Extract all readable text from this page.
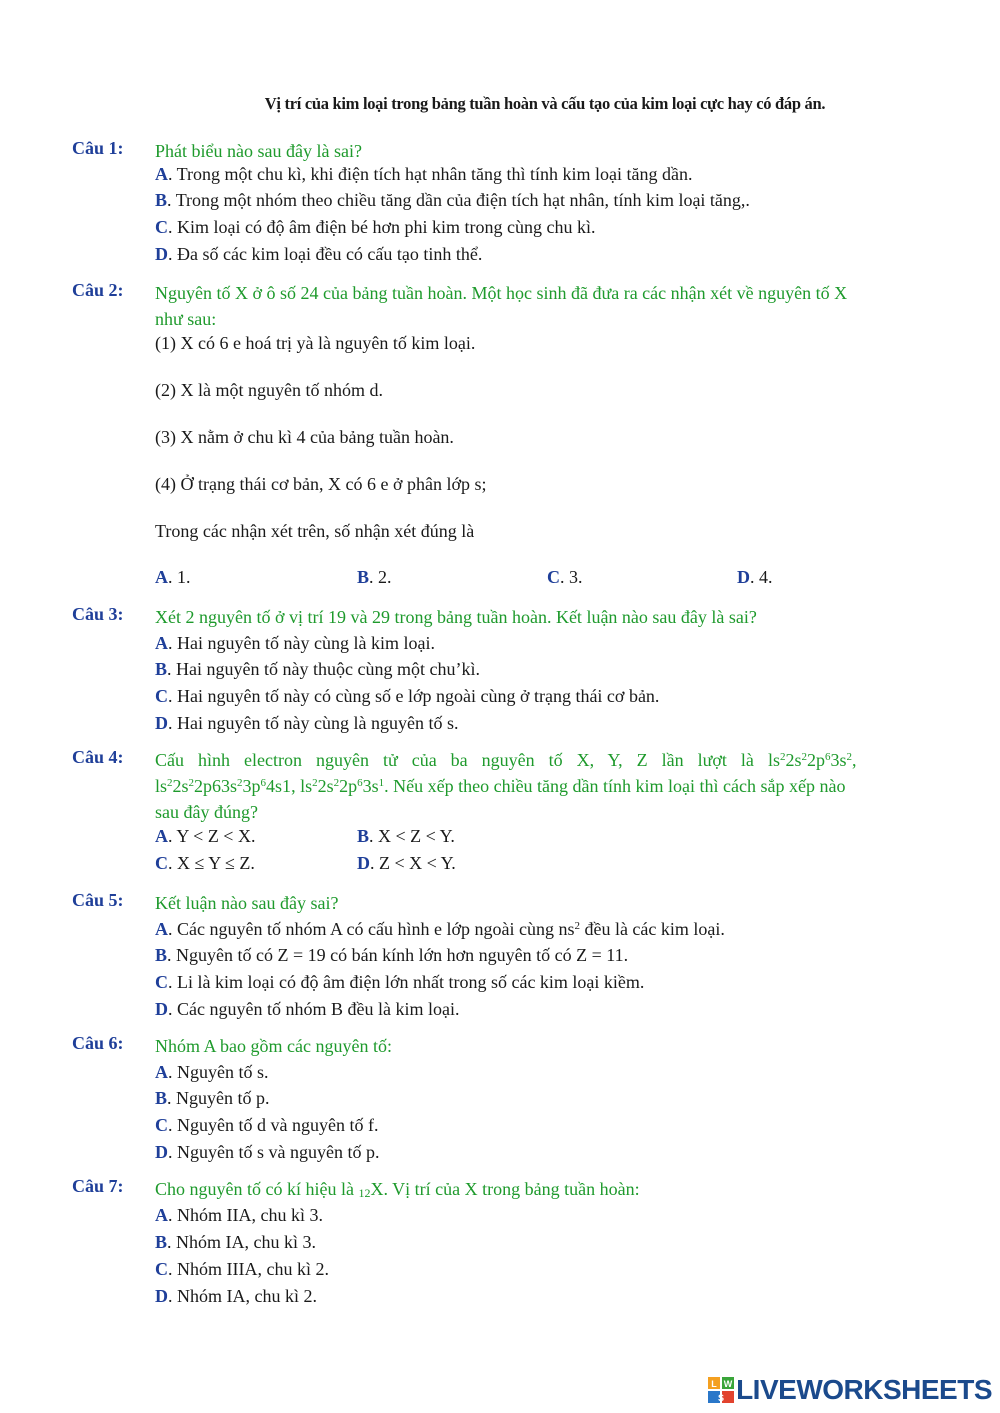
Vị trí của kim loại trong bảng tuần hoàn và cấu tạo của kim loại cực hay có đáp án.
Câu 1: Phát biểu nào sau đây là sai?
A. Trong một chu kì, khi điện tích hạt nhân tăng thì tính kim loại tăng dần.
B. Trong một nhóm theo chiều tăng dần của điện tích hạt nhân, tính kim loại tăng,.
C. Kim loại có độ âm điện bé hơn phi kim trong cùng chu kì.
D. Đa số các kim loại đều có cấu tạo tinh thể.
Câu 2: Nguyên tố X ở ô số 24 của bảng tuần hoàn. Một học sinh đã đưa ra các nhận xét về nguyên tố X
như sau:
(1) X có 6 e hoá trị yà là nguyên tố kim loại.
(2) X là một nguyên tố nhóm d.
(3) X nằm ở chu kì 4 của bảng tuần hoàn.
(4) Ở trạng thái cơ bản, X có 6 e ở phân lớp s;
Trong các nhận xét trên, số nhận xét đúng là
A. 1.	B. 2.	C. 3.	D. 4.
Câu 3: Xét 2 nguyên tố ở vị trí 19 và 29 trong bảng tuần hoàn. Kết luận nào sau đây là sai?
A. Hai nguyên tố này cùng là kim loại.
B. Hai nguyên tố này thuộc cùng một chu’kì.
C. Hai nguyên tố này có cùng số e lớp ngoài cùng ở trạng thái cơ bản.
D. Hai nguyên tố này cùng là nguyên tố s.
Câu 4: Cấu hình electron nguyên tử của ba nguyên tố X, Y, Z lần lượt là $ls^22s^22p^63s^2$,
$ls^22s^22p63s^23p^64s1$, $ls^22s^22p^63s^1$. Nếu xếp theo chiều tăng dần tính kim loại thì cách sắp xếp nào
sau đây đúng?
A. Y < Z < X.	B. X < Z < Y.
C. X ≤ Y ≤ Z.	D. Z < X < Y.
Câu 5: Kết luận nào sau đây sai?
A. Các nguyên tố nhóm A có cấu hình e lớp ngoài cùng $ns^2$ đều là các kim loại.
B. Nguyên tố có Z = 19 có bán kính lớn hơn nguyên tố có Z = 11.
C. Li là kim loại có độ âm điện lớn nhất trong số các kim loại kiềm.
D. Các nguyên tố nhóm B đều là kim loại.
Câu 6: Nhóm A bao gồm các nguyên tố:
A. Nguyên tố s.
B. Nguyên tố p.
C. Nguyên tố d và nguyên tố f.
D. Nguyên tố s và nguyên tố p.
Câu 7: Cho nguyên tố có kí hiệu là $_{12}$X. Vị trí của X trong bảng tuần hoàn:
A. Nhóm IIA, chu kì 3.
B. Nhóm IA, chu kì 3.
C. Nhóm IIIA, chu kì 2.
D. Nhóm IA, chu kì 2.
L W
S LIVEWORKSHEETS
